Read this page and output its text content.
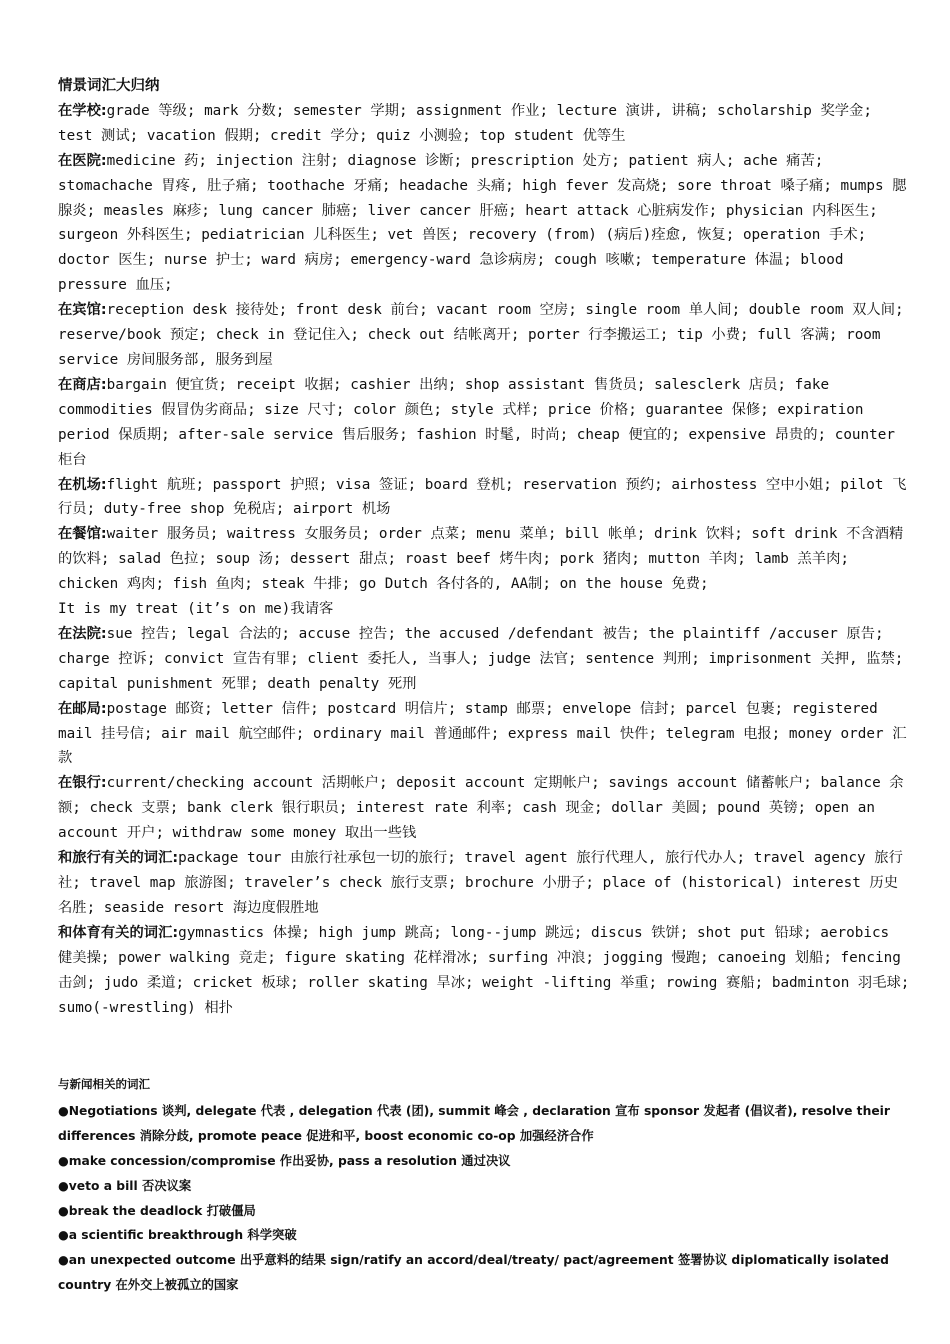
情景词汇大归纳

在学校:grade 等级; mark 分数; semester 学期; assignment 作业; lecture 演讲, 讲稿; scholarship 奖学金; test 测试; vacation 假期; credit 学分; quiz 小测验; top student 优等生

在医院:medicine 药; injection 注射; diagnose 诊断; prescription 处方; patient 病人; ache 痛苦; stomachache 胃疼, 肚子痛; toothache 牙痛; headache 头痛; high fever 发高烧; sore throat 嗓子痛; mumps 腮腺炎; measles 麻疹; lung cancer 肺癌; liver cancer 肝癌; heart attack 心脏病发作; physician 内科医生; surgeon 外科医生; pediatrician 儿科医生; vet 兽医; recovery (from) (病后)痊愈, 恢复; operation 手术; doctor 医生; nurse 护士; ward 病房; emergency-ward 急诊病房; cough 咳嗽; temperature 体温; blood pressure 血压;

在宾馆:reception desk 接待处; front desk 前台; vacant room 空房; single room 单人间; double room 双人间; reserve/book 预定; check in 登记住入; check out 结帐离开; porter 行李搬运工; tip 小费; full 客满; room service 房间服务部, 服务到屋

在商店:bargain 便宜货; receipt 收据; cashier 出纳; shop assistant 售货员; salesclerk 店员; fake commodities 假冒伪劣商品; size 尺寸; color 颜色; style 式样; price 价格; guarantee 保修; expiration period 保质期; after-sale service 售后服务; fashion 时髦, 时尚; cheap 便宜的; expensive 昂贵的; counter 柜台

在机场:flight 航班; passport 护照; visa 签证; board 登机; reservation 预约; airhostess 空中小姐; pilot 飞行员; duty-free shop 免税店; airport 机场

在餐馆:waiter 服务员; waitress 女服务员; order 点菜; menu 菜单; bill 帐单; drink 饮料; soft drink 不含酒精的饮料; salad 色拉; soup 汤; dessert 甜点; roast beef 烤牛肉; pork 猪肉; mutton 羊肉; lamb 羔羊肉; chicken 鸡肉; fish 鱼肉; steak 牛排; go Dutch 各付各的, AA制; on the house 免费;

It is my treat (it’s on me)我请客

在法院:sue 控告; legal 合法的; accuse 控告; the accused /defendant 被告; the plaintiff /accuser 原告; charge 控诉; convict 宣告有罪; client 委托人, 当事人; judge 法官; sentence 判刑; imprisonment 关押, 监禁; capital punishment 死罪; death penalty 死刑

在邮局:postage 邮资; letter 信件; postcard 明信片; stamp 邮票; envelope 信封; parcel 包裹; registered mail 挂号信; air mail 航空邮件; ordinary mail 普通邮件; express mail 快件; telegram 电报; money order 汇款

在银行:current/checking account 活期帐户; deposit account 定期帐户; savings account 储蓄帐户; balance 余额; check 支票; bank clerk 银行职员; interest rate 利率; cash 现金; dollar 美圆; pound 英镑; open an account 开户; withdraw some money 取出一些钱

和旅行有关的词汇:package tour 由旅行社承包一切的旅行; travel agent 旅行代理人, 旅行代办人; travel agency 旅行社; travel map 旅游图; traveler’s check 旅行支票; brochure 小册子; place of (historical) interest 历史名胜; seaside resort 海边度假胜地

和体育有关的词汇:gymnastics 体操; high jump 跳高; long--jump 跳远; discus 铁饼; shot put 铅球; aerobics 健美操; power walking 竞走; figure skating 花样滑冰; surfing 冲浪; jogging 慢跑; canoeing 划船; fencing 击剑; judo 柔道; cricket 板球; roller skating 旱冰; weight -lifting 举重; rowing 赛船; badminton 羽毛球; sumo(-wrestling) 相扑

与新闻相关的词汇

●Negotiations 谈判, delegate 代表 , delegation 代表 (团), summit 峰会 , declaration 宣布 sponsor 发起者 (倡议者), resolve their differences 消除分歧, promote peace 促进和平, boost economic co-op 加强经济合作

●make concession/compromise 作出妥协, pass a resolution 通过决议

●veto a bill 否决议案

●break the deadlock 打破僵局

●a scientific breakthrough 科学突破

●an unexpected outcome 出乎意料的结果 sign/ratify an accord/deal/treaty/ pact/agreement 签署协议 diplomatically isolated country 在外交上被孤立的国家
